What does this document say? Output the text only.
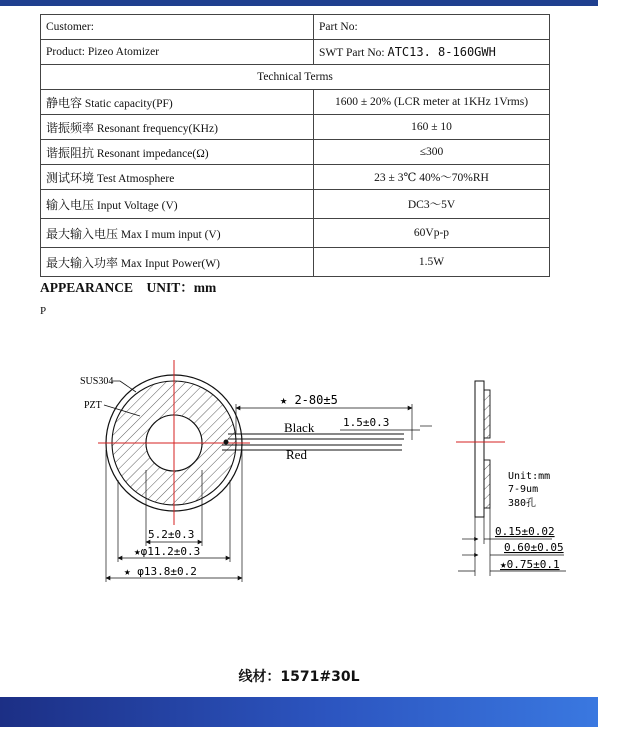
Customer:	Part No:
Product: Pizeo Atomizer	SWT Part No: ATC13. 8-160GWH
Technical Terms	
静电容 Static capacity(PF)	1600 ± 20% (LCR meter at 1KHz 1Vrms)
谐振频率 Resonant frequency(KHz)	160 ± 10
谐振阻抗 Resonant impedance(Ω)	≤300
测试环境 Test Atmosphere	23 ± 3℃ 40%～70%RH
输入电压 Input Voltage (V)	DC3～5V
最大输入电压 Max I mum input (V)	60Vp-p
最大输入功率 Max Input Power(W)	1.5W
APPEARANCE    UNIT：mm
P
SUS304
PZT	★ 2-80±5
1.5±0.3
Black
Red
5.2±0.3
★φ11.2±0.3
★ φ13.8±0.2
Unit:mm
7-9um
380孔
0.15±0.02
0.60±0.05
★0.75±0.1
线材：1571#30L
